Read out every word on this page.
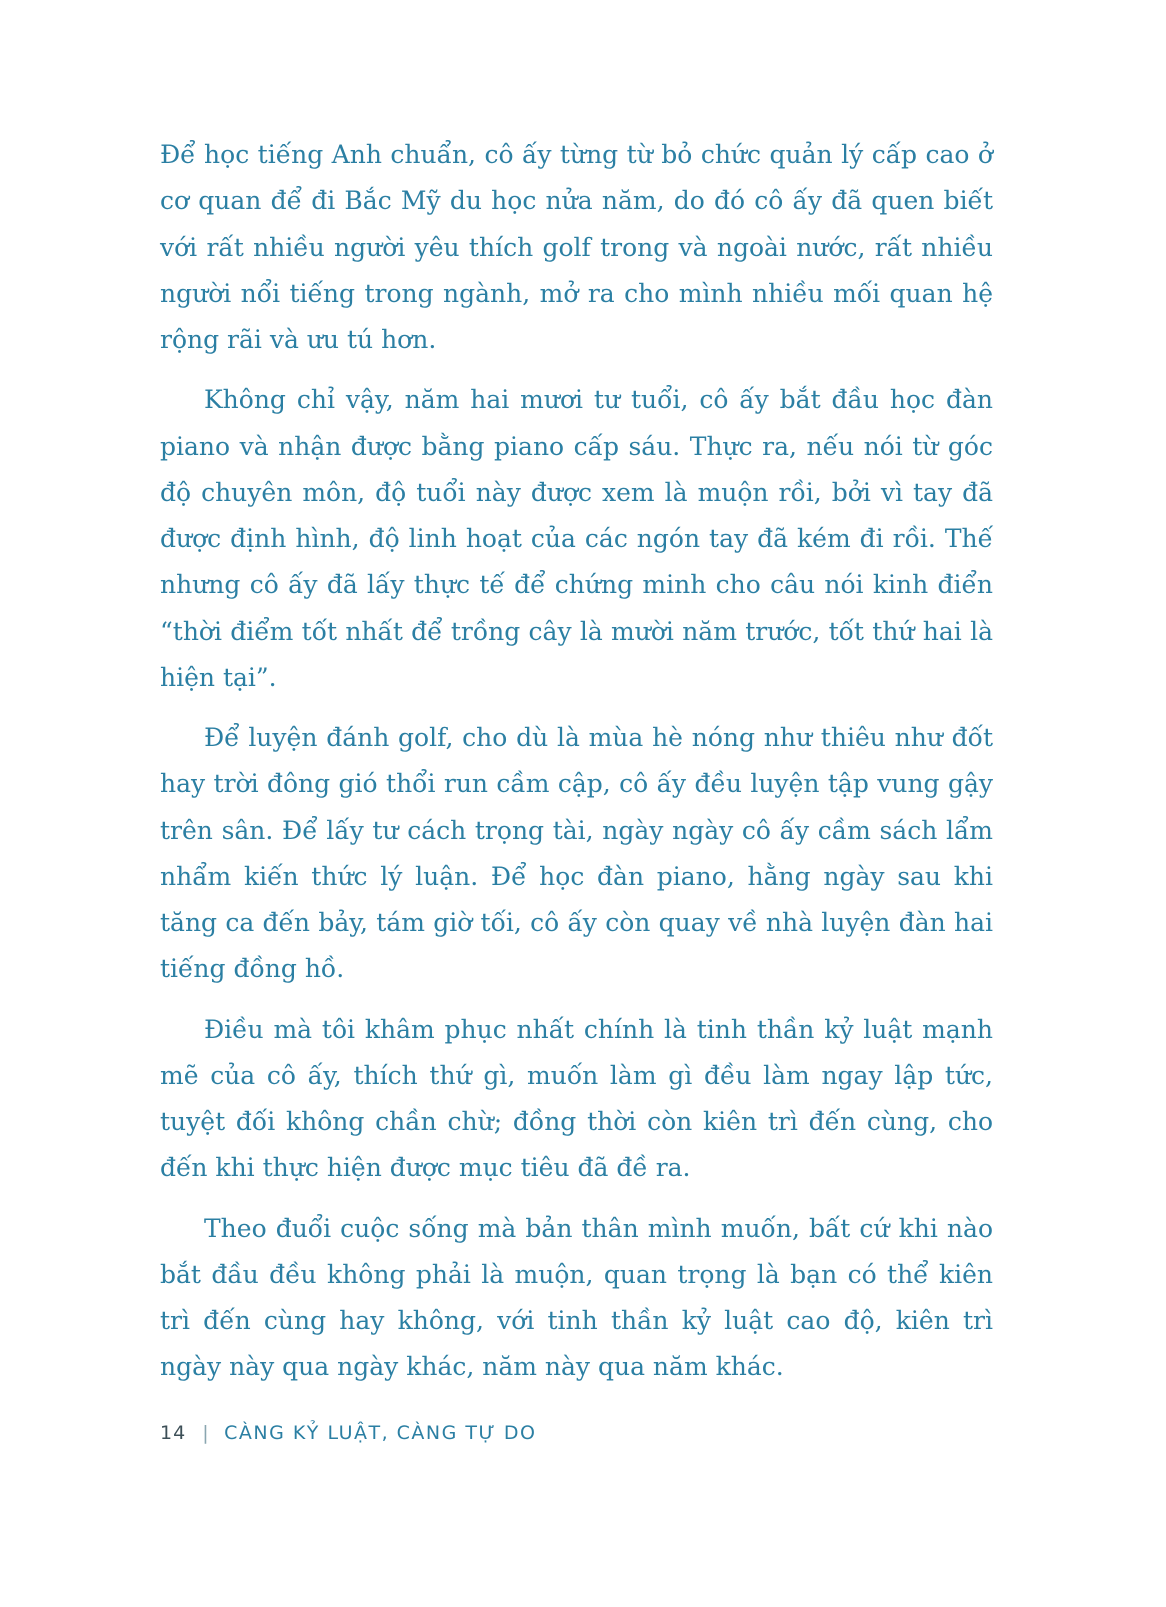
Để học tiếng Anh chuẩn, cô ấy từng từ bỏ chức quản lý cấp cao ở cơ quan để đi Bắc Mỹ du học nửa năm, do đó cô ấy đã quen biết với rất nhiều người yêu thích golf trong và ngoài nước, rất nhiều người nổi tiếng trong ngành, mở ra cho mình nhiều mối quan hệ rộng rãi và ưu tú hơn.

Không chỉ vậy, năm hai mươi tư tuổi, cô ấy bắt đầu học đàn piano và nhận được bằng piano cấp sáu. Thực ra, nếu nói từ góc độ chuyên môn, độ tuổi này được xem là muộn rồi, bởi vì tay đã được định hình, độ linh hoạt của các ngón tay đã kém đi rồi. Thế nhưng cô ấy đã lấy thực tế để chứng minh cho câu nói kinh điển “thời điểm tốt nhất để trồng cây là mười năm trước, tốt thứ hai là hiện tại”.

Để luyện đánh golf, cho dù là mùa hè nóng như thiêu như đốt hay trời đông gió thổi run cầm cập, cô ấy đều luyện tập vung gậy trên sân. Để lấy tư cách trọng tài, ngày ngày cô ấy cầm sách lẩm nhẩm kiến thức lý luận. Để học đàn piano, hằng ngày sau khi tăng ca đến bảy, tám giờ tối, cô ấy còn quay về nhà luyện đàn hai tiếng đồng hồ.

Điều mà tôi khâm phục nhất chính là tinh thần kỷ luật mạnh mẽ của cô ấy, thích thứ gì, muốn làm gì đều làm ngay lập tức, tuyệt đối không chần chừ; đồng thời còn kiên trì đến cùng, cho đến khi thực hiện được mục tiêu đã đề ra.

Theo đuổi cuộc sống mà bản thân mình muốn, bất cứ khi nào bắt đầu đều không phải là muộn, quan trọng là bạn có thể kiên trì đến cùng hay không, với tinh thần kỷ luật cao độ, kiên trì ngày này qua ngày khác, năm này qua năm khác.

14 | CÀNG KỶ LUẬT, CÀNG TỰ DO
